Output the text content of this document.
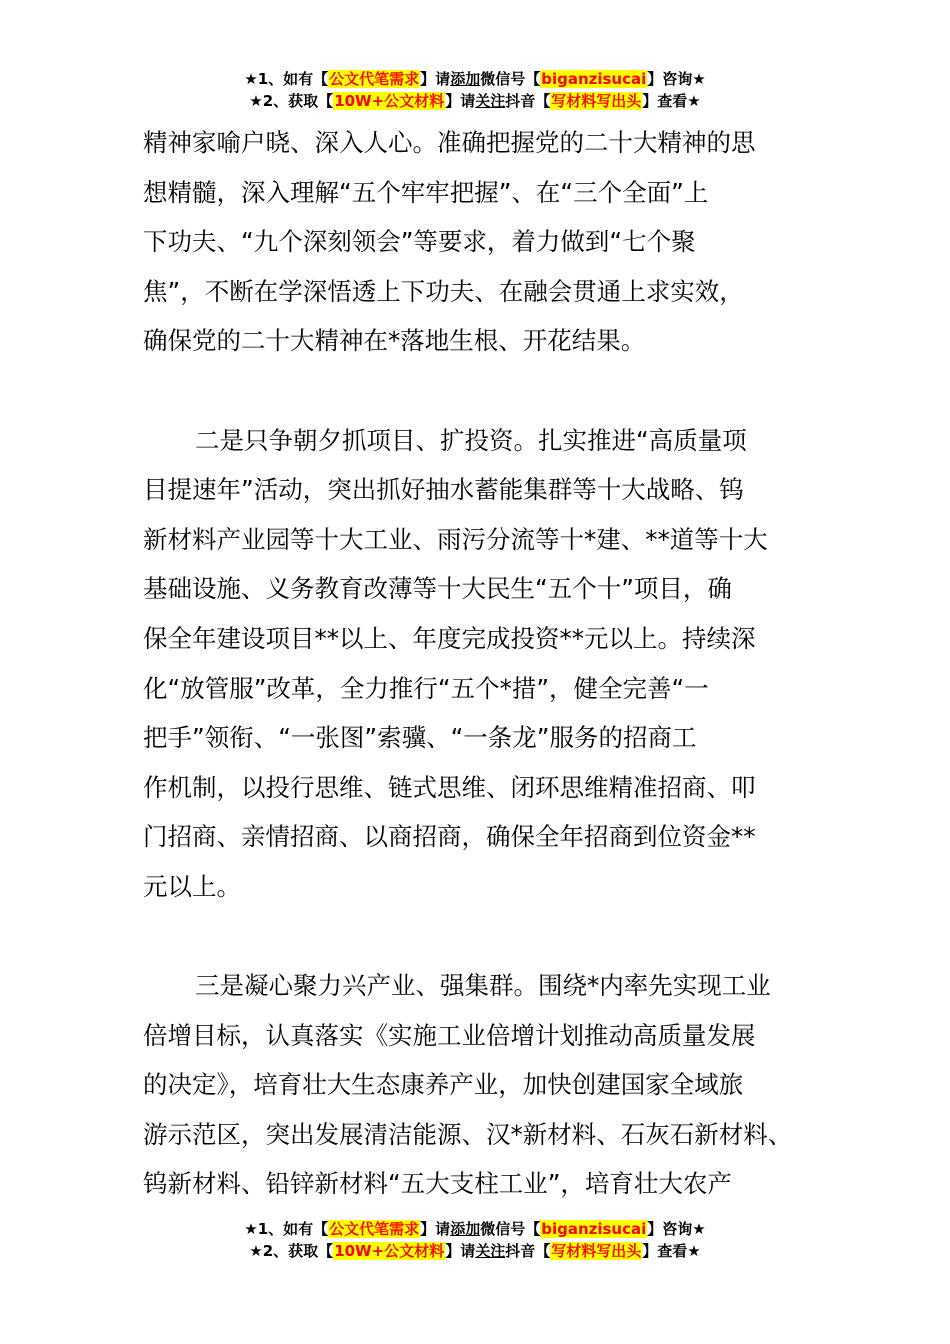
★1、如有【公文代笔需求】请添加微信号【biganzisucai】咨询★
★2、获取【10W+公文材料】请关注抖音【写材料写出头】查看★
精神家喻户晓、深入人心。准确把握党的二十大精神的思
想精髓，深入理解“五个牢牢把握”、在“三个全面”上
下功夫、“九个深刻领会”等要求，着力做到“七个聚
焦”，不断在学深悟透上下功夫、在融会贯通上求实效，
确保党的二十大精神在*落地生根、开花结果。
二是只争朝夕抓项目、扩投资。扎实推进“高质量项
目提速年”活动，突出抓好抽水蓄能集群等十大战略、钨
新材料产业园等十大工业、雨污分流等十*建、**道等十大
基础设施、义务教育改薄等十大民生“五个十”项目，确
保全年建设项目**以上、年度完成投资**元以上。持续深
化“放管服”改革，全力推行“五个*措”，健全完善“一
把手”领衔、“一张图”索骥、“一条龙”服务的招商工
作机制，以投行思维、链式思维、闭环思维精准招商、叩
门招商、亲情招商、以商招商，确保全年招商到位资金**
元以上。
三是凝心聚力兴产业、强集群。围绕*内率先实现工业
倍增目标，认真落实《实施工业倍增计划推动高质量发展
的决定》，培育壮大生态康养产业，加快创建国家全域旅
游示范区，突出发展清洁能源、汉*新材料、石灰石新材料、
钨新材料、铅锌新材料“五大支柱工业”，培育壮大农产
★1、如有【公文代笔需求】请添加微信号【biganzisucai】咨询★
★2、获取【10W+公文材料】请关注抖音【写材料写出头】查看★
